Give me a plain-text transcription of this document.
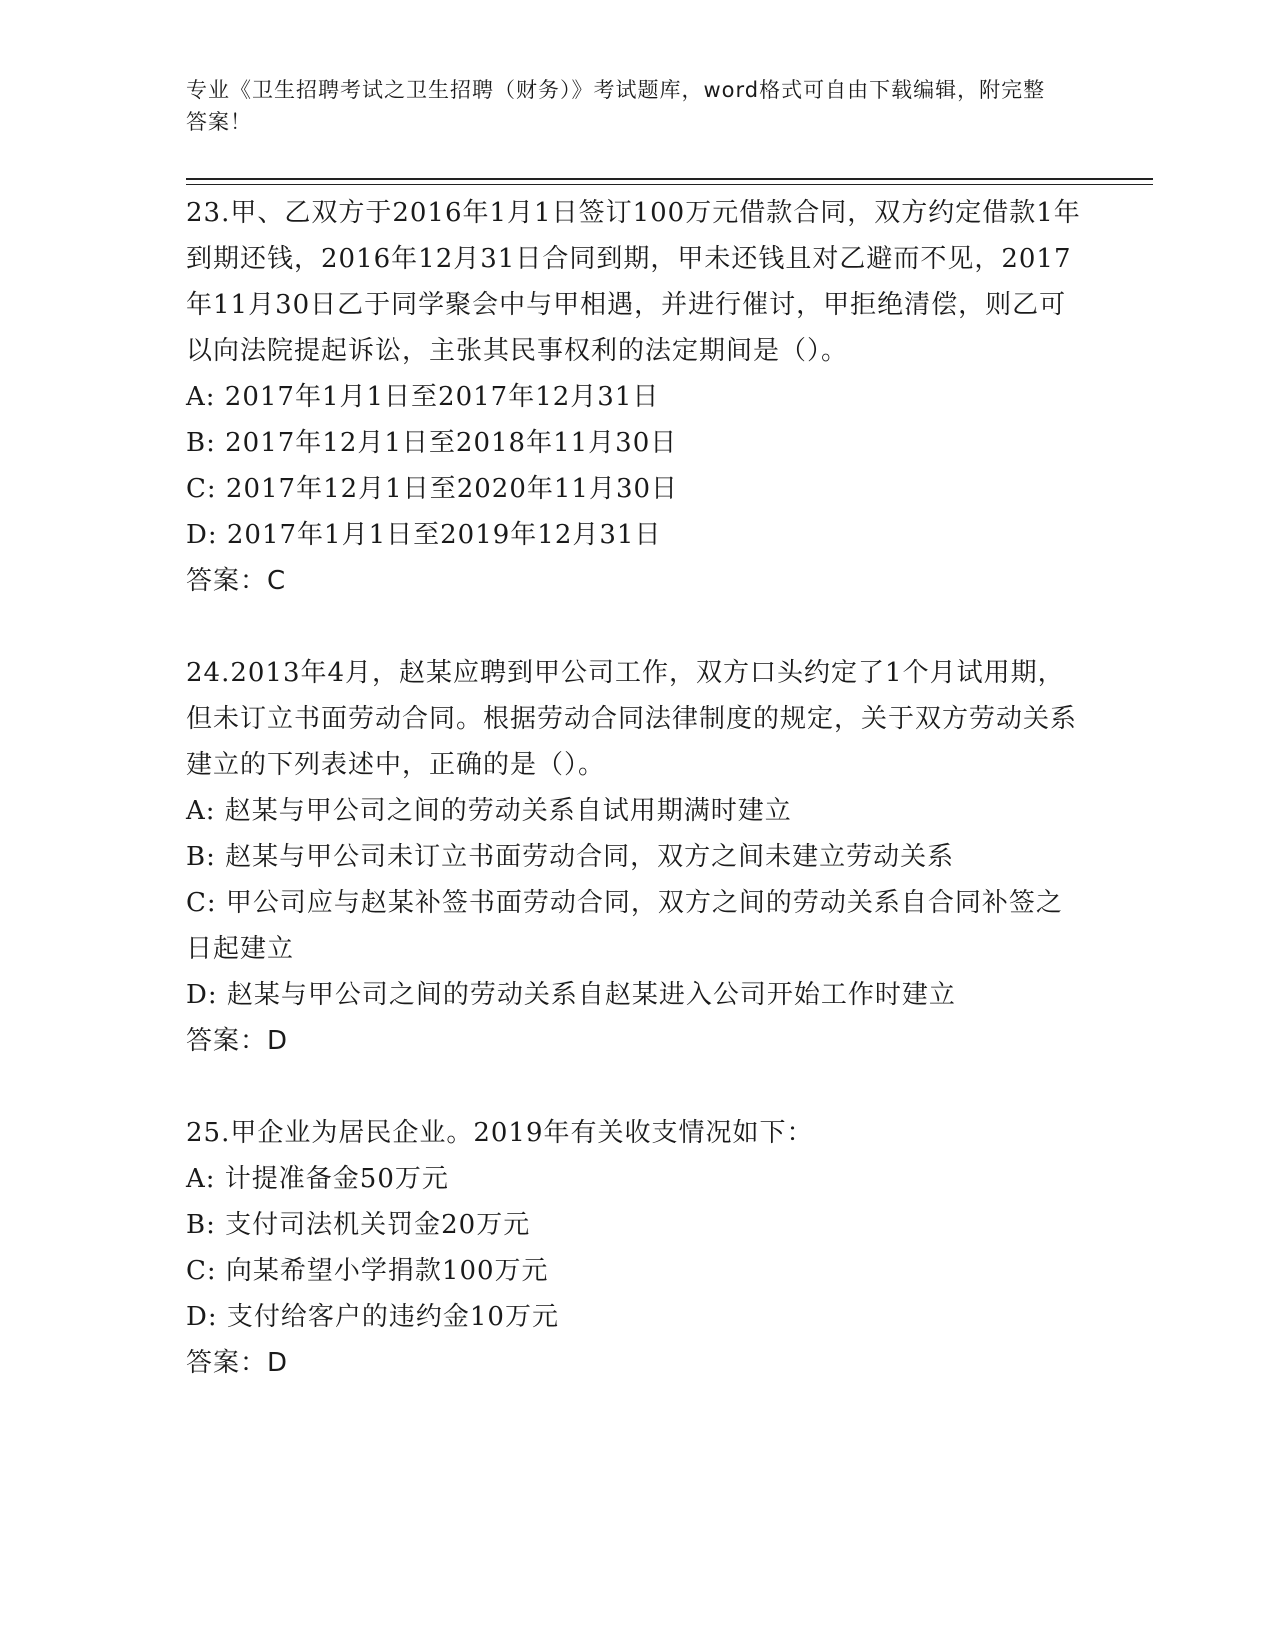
专业《卫生招聘考试之卫生招聘（财务）》考试题库，word格式可自由下载编辑，附完整答案！

23.甲、乙双方于2016年1月1日签订100万元借款合同，双方约定借款1年到期还钱，2016年12月31日合同到期，甲未还钱且对乙避而不见，2017年11月30日乙于同学聚会中与甲相遇，并进行催讨，甲拒绝清偿，则乙可以向法院提起诉讼，主张其民事权利的法定期间是（）。

A: 2017年1月1日至2017年12月31日

B: 2017年12月1日至2018年11月30日

C: 2017年12月1日至2020年11月30日

D: 2017年1月1日至2019年12月31日

答案：C

24.2013年4月，赵某应聘到甲公司工作，双方口头约定了1个月试用期，但未订立书面劳动合同。根据劳动合同法律制度的规定，关于双方劳动关系建立的下列表述中，正确的是（）。

A: 赵某与甲公司之间的劳动关系自试用期满时建立

B: 赵某与甲公司未订立书面劳动合同，双方之间未建立劳动关系

C: 甲公司应与赵某补签书面劳动合同，双方之间的劳动关系自合同补签之日起建立

D: 赵某与甲公司之间的劳动关系自赵某进入公司开始工作时建立

答案：D

25.甲企业为居民企业。2019年有关收支情况如下：

A: 计提准备金50万元

B: 支付司法机关罚金20万元

C: 向某希望小学捐款100万元

D: 支付给客户的违约金10万元

答案：D
